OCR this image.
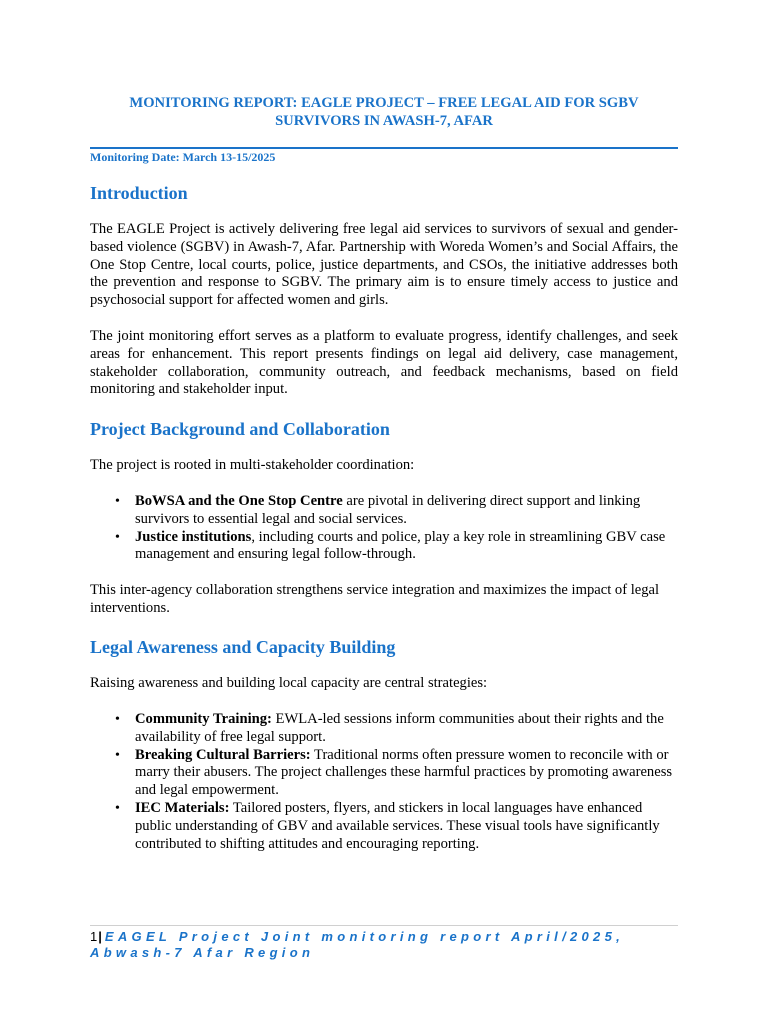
MONITORING REPORT: EAGLE PROJECT – FREE LEGAL AID FOR SGBV SURVIVORS IN AWASH-7, AFAR
Monitoring Date: March 13-15/2025
Introduction

The EAGLE Project is actively delivering free legal aid services to survivors of sexual and gender-based violence (SGBV) in Awash-7, Afar. Partnership with Woreda Women’s and Social Affairs, the One Stop Centre, local courts, police, justice departments, and CSOs, the initiative addresses both the prevention and response to SGBV. The primary aim is to ensure timely access to justice and psychosocial support for affected women and girls.

The joint monitoring effort serves as a platform to evaluate progress, identify challenges, and seek areas for enhancement. This report presents findings on legal aid delivery, case management, stakeholder collaboration, community outreach, and feedback mechanisms, based on field monitoring and stakeholder input.

Project Background and Collaboration

The project is rooted in multi-stakeholder coordination:

• BoWSA and the One Stop Centre are pivotal in delivering direct support and linking survivors to essential legal and social services.
• Justice institutions, including courts and police, play a key role in streamlining GBV case management and ensuring legal follow-through.

This inter-agency collaboration strengthens service integration and maximizes the impact of legal interventions.

Legal Awareness and Capacity Building

Raising awareness and building local capacity are central strategies:

• Community Training: EWLA-led sessions inform communities about their rights and the availability of free legal support.
• Breaking Cultural Barriers: Traditional norms often pressure women to reconcile with or marry their abusers. The project challenges these harmful practices by promoting awareness and legal empowerment.
• IEC Materials: Tailored posters, flyers, and stickers in local languages have enhanced public understanding of GBV and available services. These visual tools have significantly contributed to shifting attitudes and encouraging reporting.
1| EAGEL Project Joint monitoring report April/2025, Abwash-7 Afar Region
